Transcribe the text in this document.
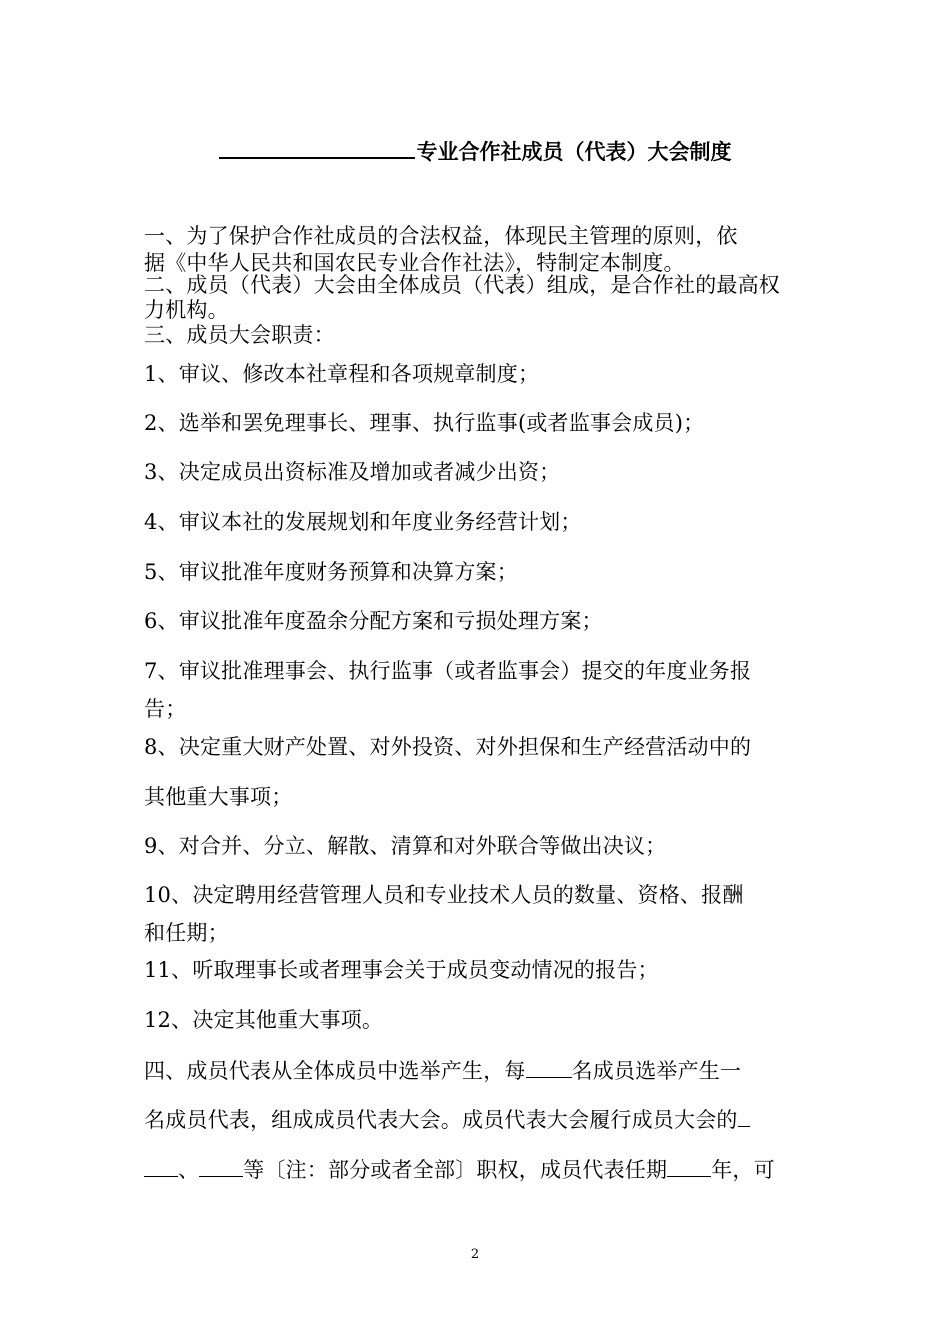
专业合作社成员（代表）大会制度
一、为了保护合作社成员的合法权益，体现民主管理的原则，依
据《中华人民共和国农民专业合作社法》，特制定本制度。
二、成员（代表）大会由全体成员（代表）组成，是合作社的最高权
力机构。
三、成员大会职责：
1、审议、修改本社章程和各项规章制度；
2、选举和罢免理事长、理事、执行监事(或者监事会成员)；
3、决定成员出资标准及增加或者减少出资；
4、审议本社的发展规划和年度业务经营计划；
5、审议批准年度财务预算和决算方案；
6、审议批准年度盈余分配方案和亏损处理方案；
7、审议批准理事会、执行监事（或者监事会）提交的年度业务报
告；
8、决定重大财产处置、对外投资、对外担保和生产经营活动中的
其他重大事项；
9、对合并、分立、解散、清算和对外联合等做出决议；
10、决定聘用经营管理人员和专业技术人员的数量、资格、报酬
和任期；
11、听取理事长或者理事会关于成员变动情况的报告；
12、决定其他重大事项。
四、成员代表从全体成员中选举产生，每 名成员选举产生一
名成员代表，组成成员代表大会。成员代表大会履行成员大会的
、 等〔注：部分或者全部〕职权，成员代表任期 年，可
2
